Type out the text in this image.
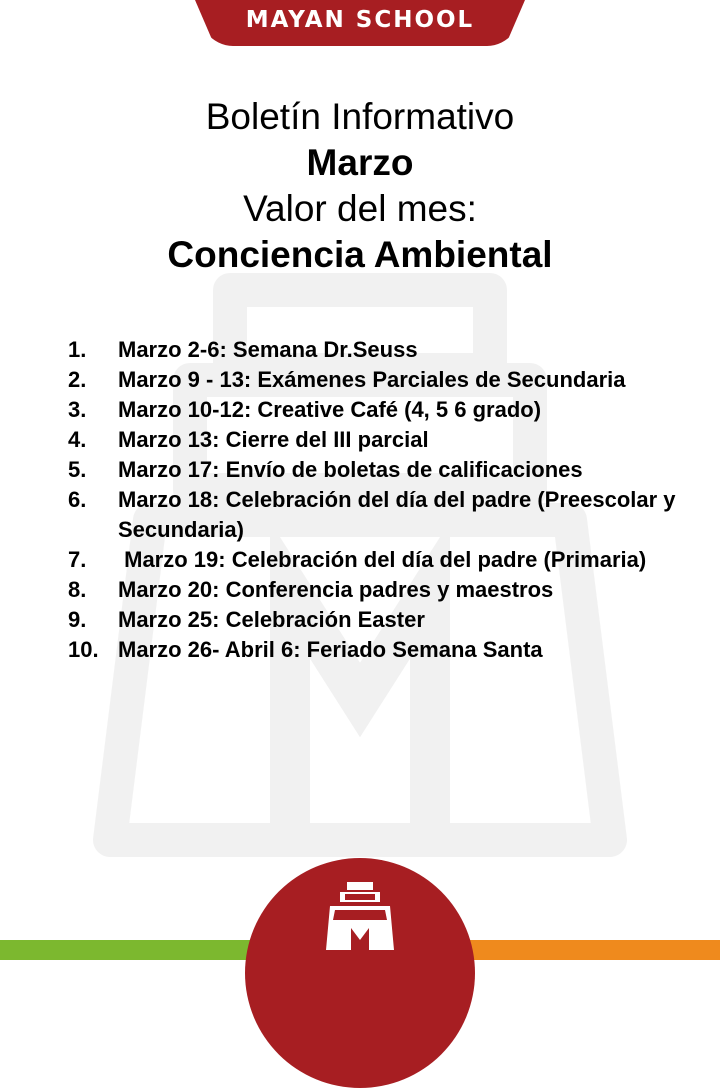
MAYAN SCHOOL
Boletín Informativo
Marzo
Valor del mes:
Conciencia Ambiental
1.	Marzo 2-6: Semana Dr.Seuss
2.	Marzo 9 - 13: Exámenes Parciales de Secundaria
3.	Marzo 10-12: Creative Café (4, 5 6 grado)
4.	Marzo 13: Cierre del III parcial
5.	Marzo 17: Envío de boletas de calificaciones
6.	Marzo 18: Celebración del día del padre (Preescolar y Secundaria)
7.	Marzo 19: Celebración del día del padre (Primaria)
8.	Marzo 20: Conferencia padres y maestros
9.	Marzo 25: Celebración Easter
10. Marzo 26- Abril 6: Feriado Semana Santa
